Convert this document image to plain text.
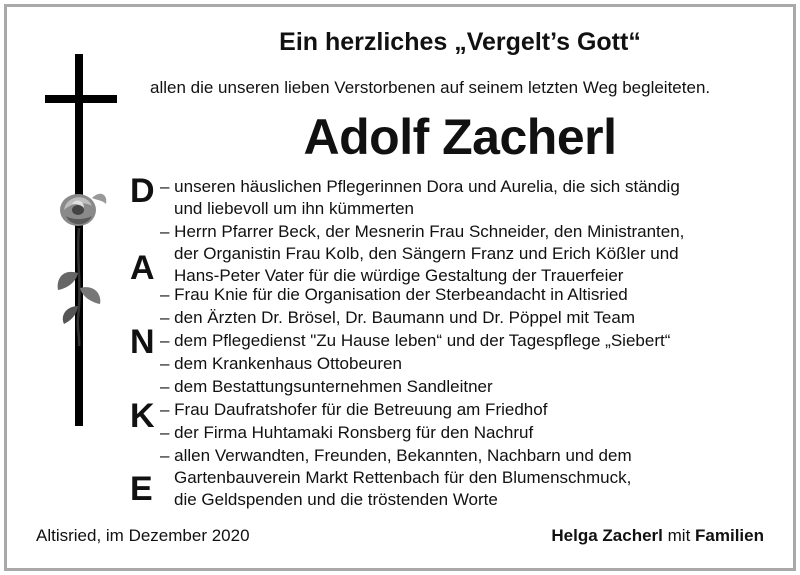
Ein herzliches „Vergelt’s Gott“
allen die unseren lieben Verstorbenen auf seinem letzten Weg begleiteten.
Adolf Zacherl
D
A
N
K
E
– unseren häuslichen Pflegerinnen Dora und Aurelia, die sich ständig
und liebevoll um ihn kümmerten
– Herrn Pfarrer Beck, der Mesnerin Frau Schneider, den Ministranten,
der Organistin Frau Kolb, den Sängern Franz und Erich Kößler und
Hans-Peter Vater für die würdige Gestaltung der Trauerfeier
– Frau Knie für die Organisation der Sterbeandacht in Altisried
– den Ärzten Dr. Brösel, Dr. Baumann und Dr. Pöppel mit Team
– dem Pflegedienst "Zu Hause leben“ und der Tagespflege „Siebert“
– dem Krankenhaus Ottobeuren
– dem Bestattungsunternehmen Sandleitner
– Frau Daufratshofer für die Betreuung am Friedhof
– der Firma Huhtamaki Ronsberg für den Nachruf
– allen Verwandten, Freunden, Bekannten, Nachbarn und dem
Gartenbauverein Markt Rettenbach für den Blumenschmuck,
die Geldspenden und die tröstenden Worte
Altisried, im Dezember 2020	Helga Zacherl mit Familien
